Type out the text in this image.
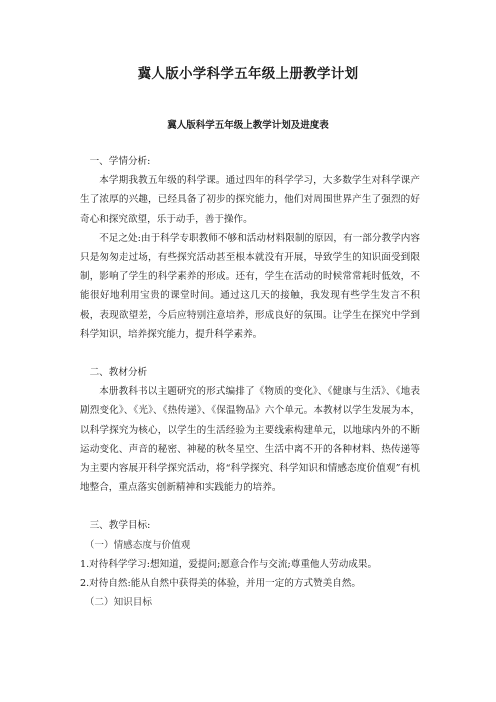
冀人版小学科学五年级上册教学计划
冀人版科学五年级上教学计划及进度表

一、学情分析:

本学期我教五年级的科学课。通过四年的科学学习，大多数学生对科学课产生了浓厚的兴趣，已经具备了初步的探究能力，他们对周围世界产生了强烈的好奇心和探究欲望，乐于动手，善于操作。

不足之处:由于科学专职教师不够和活动材料限制的原因，有一部分教学内容只是匆匆走过场，有些探究活动甚至根本就没有开展，导致学生的知识面受到限制，影响了学生的科学素养的形成。还有，学生在活动的时候常常耗时低效，不能很好地利用宝贵的课堂时间。通过这几天的接触，我发现有些学生发言不积极，表现欲望差，今后应特别注意培养，形成良好的氛围。让学生在探究中学到科学知识，培养探究能力，提升科学素养。

二、教材分析

本册教科书以主题研究的形式编排了《物质的变化》、《健康与生活》、《地表剧烈变化》、《光》、《热传递》、《保温物品》六个单元。本教材以学生发展为本，以科学探究为核心，以学生的生活经验为主要线索构建单元，以地球内外的不断运动变化、声音的秘密、神秘的秋冬星空、生活中离不开的各种材料、热传递等为主要内容展开科学探究活动，将“科学探究、科学知识和情感态度价值观”有机地整合，重点落实创新精神和实践能力的培养。

三、教学目标:

（一）情感态度与价值观

1.对待科学学习:想知道，爱提问;愿意合作与交流;尊重他人劳动成果。

2.对待自然:能从自然中获得美的体验，并用一定的方式赞美自然。

（二）知识目标
